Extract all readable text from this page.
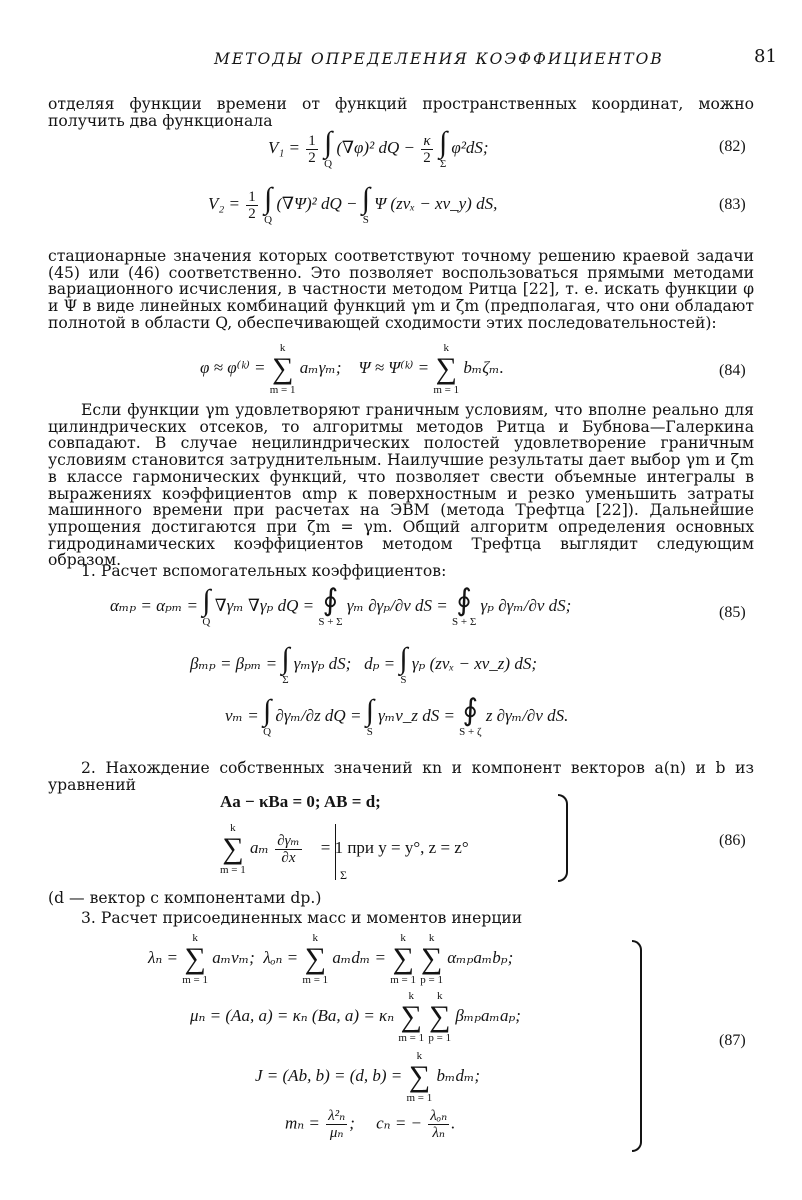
МЕТОДЫ ОПРЕДЕЛЕНИЯ КОЭФФИЦИЕНТОВ	81

отделяя функции времени от функций пространственных координат, можно получить два функционала

$V_1 = \frac{1}{2}$
∫
Q
(∇φ)² dQ − $\frac{\kappa}{2}$
∫
Σ
φ²dS;	(82)
$V_2 = \frac{1}{2}$
∫
Q
(∇Ψ)² dQ − ∫
S
Ψ (zνₓ − xν_y) dS,	(83)

стационарные значения которых соответствуют точному решению краевой задачи (45) или (46) соответственно. Это позволяет воспользоваться прямыми методами вариационного исчисления, в частности методом Ритца [22], т. е. искать функции φ и Ψ в виде линейных комбинаций функций γm и ζm (предполагая, что они обладают полнотой в области Q, обеспечивающей сходимости этих последовательностей):

φ ≈ φ⁽ᵏ⁾ =
k
∑
m = 1
aₘγₘ; Ψ ≈ Ψ⁽ᵏ⁾ =
k
∑
m = 1
bₘζₘ.	(84)

Если функции γm удовлетворяют граничным условиям, что вполне реально для цилиндрических отсеков, то алгоритмы методов Ритца и Бубнова—Галеркина совпадают. В случае нецилиндрических полостей удовлетворение граничным условиям становится затруднительным. Наилучшие результаты дает выбор γm и ζm в классе гармонических функций, что позволяет свести объемные интегралы в выражениях коэффициентов αmp к поверхностным и резко уменьшить затраты машинного времени при расчетах на ЭВМ (метода Трефтца [22]). Дальнейшие упрощения достигаются при ζm = γm. Общий алгоритм определения основных гидродинамических коэффициентов методом Трефтца выглядит следующим образом.

1. Расчет вспомогательных коэффициентов:

αₘₚ = αₚₘ = ∫
Q
∇γₘ ∇γₚ dQ = ∮
S + Σ
γₘ ∂γₚ/∂ν dS = ∮
S + Σ
γₚ ∂γₘ/∂ν dS;	(85)
βₘₚ = βₚₘ = ∫
Σ
γₘγₚ dS; dₚ = ∫
S
γₚ (zνₓ − xν_z) dS;
νₘ = ∫
Q
∂γₘ/∂z dQ = ∫
S
γₘν_z dS = ∮
S + ζ
z ∂γₘ/∂ν dS.

2. Нахождение собственных значений κn и компонент векторов a(n) и b из уравнений

Aa − κBa = 0; AB = d;
k
∑
m = 1
aₘ $\frac{\text{∂γₘ}}{\partial x} = 1$ при y = y°, z = z°
Σ
(86)

(d — вектор с компонентами dp.)

3. Расчет присоединенных масс и моментов инерции

λₙ =
k
∑
m = 1
aₘνₘ; λₒₙ =
k
∑
m = 1
aₘdₘ =
k
∑
m = 1

k
∑
p = 1
αₘₚaₘbₚ;
μₙ = (Aa, a) = κₙ (Ba, a) = κₙ
k
∑
m = 1

k
∑
p = 1
βₘₚaₘaₚ;
J = (Ab, b) = (d, b) =
k
∑
m = 1
bₘdₘ;
$m_n = \frac{\text{λ²ₙ}}{\text{μₙ}}$ ;     cₙ = − $\frac{\text{λₒₙ}}{\text{λₙ}}$ .
(87)
